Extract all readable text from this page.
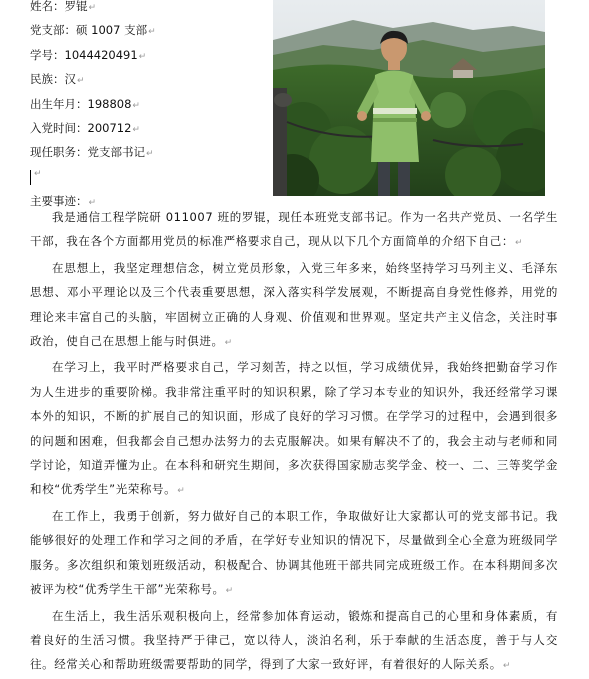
姓名：罗锟↵
党支部：硕 1007 支部↵
学号：1044420491↵
民族：汉↵
出生年月：198808↵
入党时间：200712↵
现任职务：党支部书记↵
↵
主要事迹：↵

我是通信工程学院研 011007 班的罗锟，现任本班党支部书记。作为一名共产党员、一名学生干部，我在各个方面都用党员的标准严格要求自己，现从以下几个方面简单的介绍下自己：↵

在思想上，我坚定理想信念，树立党员形象，入党三年多来，始终坚持学习马列主义、毛泽东思想、邓小平理论以及三个代表重要思想，深入落实科学发展观，不断提高自身党性修养，用党的理论来丰富自己的头脑，牢固树立正确的人身观、价值观和世界观。坚定共产主义信念，关注时事政治，使自己在思想上能与时俱进。↵

在学习上，我平时严格要求自己，学习刻苦，持之以恒，学习成绩优异，我始终把勤奋学习作为人生进步的重要阶梯。我非常注重平时的知识积累，除了学习本专业的知识外，我还经常学习课本外的知识，不断的扩展自己的知识面，形成了良好的学习习惯。在学学习的过程中，会遇到很多的问题和困难，但我都会自己想办法努力的去克服解决。如果有解决不了的，我会主动与老师和同学讨论，知道弄懂为止。在本科和研究生期间，多次获得国家励志奖学金、校一、二、三等奖学金和校“优秀学生”光荣称号。↵

在工作上，我勇于创新，努力做好自己的本职工作，争取做好让大家都认可的党支部书记。我能够很好的处理工作和学习之间的矛盾，在学好专业知识的情况下，尽量做到全心全意为班级同学服务。多次组织和策划班级活动，积极配合、协调其他班干部共同完成班级工作。在本科期间多次被评为校“优秀学生干部”光荣称号。↵

在生活上，我生活乐观积极向上，经常参加体育运动，锻炼和提高自己的心里和身体素质，有着良好的生活习惯。我坚持严于律己，宽以待人，淡泊名利，乐于奉献的生活态度，善于与人交往。经常关心和帮助班级需要帮助的同学，得到了大家一致好评，有着很好的人际关系。↵
